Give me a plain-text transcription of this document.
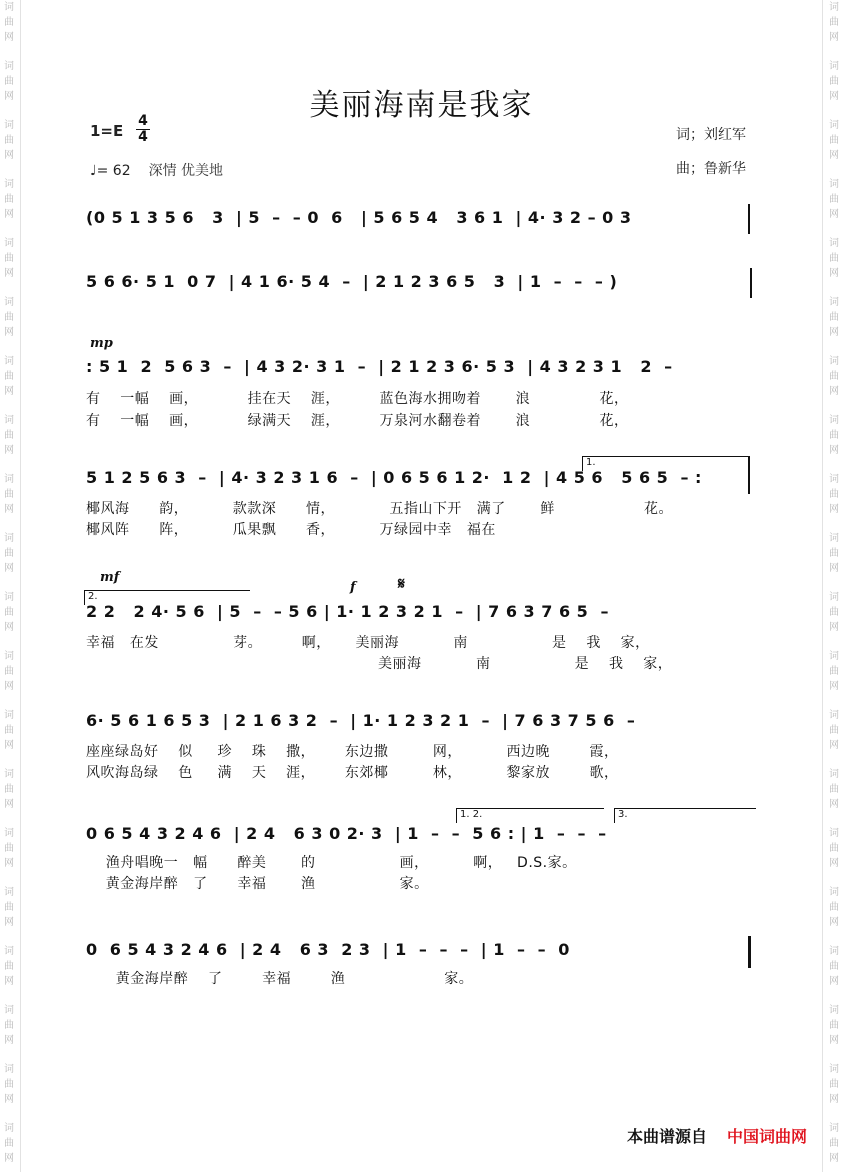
词
曲
网
词
曲
网
词
曲
网
词
曲
网
词
曲
网
词
曲
网
词
曲
网
词
曲
网
词
曲
网
词
曲
网
词
曲
网
词
曲
网
词
曲
网
词
曲
网
词
曲
网
词
曲
网
词
曲
网
词
曲
网
词
曲
网
词
曲
网
词
曲
网
词
曲
网
词
曲
网
词
曲
网
词
曲
网
词
曲
网
词
曲
网
词
曲
网
词
曲
网
词
曲
网
词
曲
网
词
曲
网
词
曲
网
词
曲
网
词
曲
网
词
曲
网
词
曲
网
词
曲
网
词
曲
网
词
曲
网
美丽海南是我家
$1=E \frac{4}{4}$
♩= 62 深情 优美地
词；刘红军
曲；鲁新华
mp
mf
f	𝄋
1.
2.
1. 2.	3.
(0 5 1 3 5 6   3  | 5  –  – 0  6   | 5 6 5 4   3 6 1  | 4· 3 2 – 0 3
5 6 6· 5 1  0 7  | 4 1 6· 5 4  –  | 2 1 2 3 6 5   3  | 1  –  –  – )
: 5 1  2  5 6 3  –  | 4 3 2· 3 1  –  | 2 1 2 3 6· 5 3  | 4 3 2 3 1   2  –
有    一幅    画，          挂在天    涯，        蓝色海水拥吻着       浪              花，
有    一幅    画，          绿满天    涯，        万泉河水翻卷着       浪              花，
5 1 2 5 6 3  –  | 4· 3 2 3 1 6  –  | 0 6 5 6 1 2·  1 2  | 4 5 6   5 6 5  – :
椰风海      韵，         款款深      情，           五指山下开   满了       鲜                  花。
椰风阵      阵，         瓜果飘      香，         万绿园中幸   福在
2 2   2 4· 5 6  | 5  –  – 5 6 | 1· 1 2 3 2 1  –  | 7 6 3 7 6 5  –
幸福   在发               芽。        啊，     美丽海           南                 是    我    家，
美丽海           南                 是    我    家，
6· 5 6 1 6 5 3  | 2 1 6 3 2  –  | 1· 1 2 3 2 1  –  | 7 6 3 7 5 6  –
座座绿岛好    似     珍    珠    撒，      东边撒         网，         西边晚        霞，
风吹海岛绿    色     满    天    涯，      东郊椰         林，         黎家放        歌，
0 6 5 4 3 2 4 6  | 2 4   6 3 0 2· 3  | 1  –  –  5 6 : | 1  –  –  –
渔舟唱晚一   幅      醉美       的                 画，         啊，   D.S.家。
黄金海岸醉   了      幸福       渔                 家。
0  6 5 4 3 2 4 6  | 2 4   6 3  2 3  | 1  –  –  –  | 1  –  –  0
黄金海岸醉    了        幸福        渔                    家。
本曲谱源自 中国词曲网
